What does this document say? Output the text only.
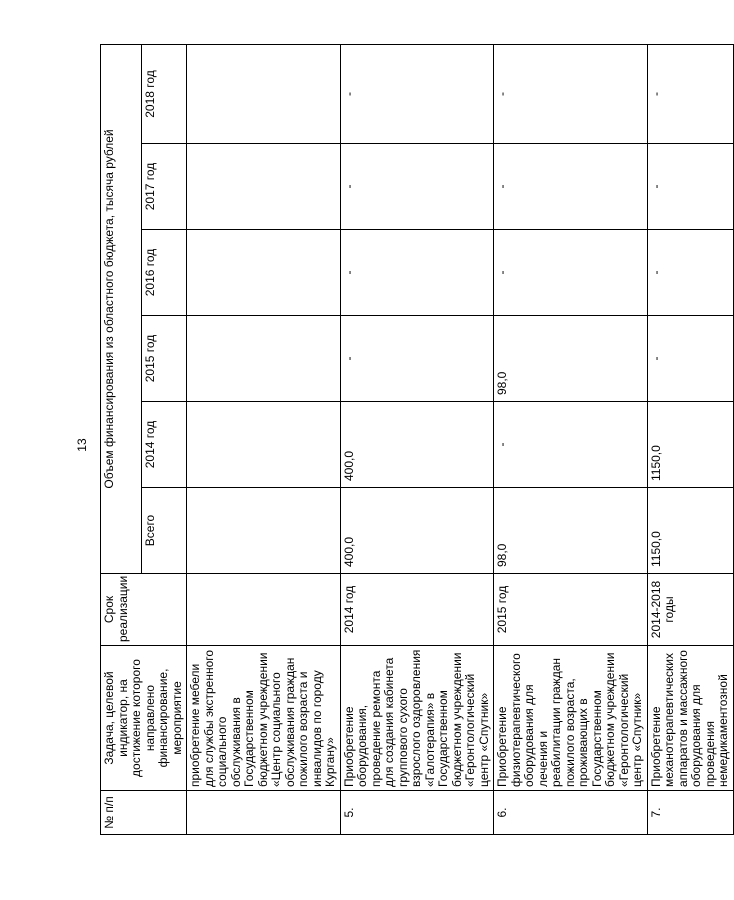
13
№ п/п	Задача, целевой индикатор, на достижение которого направлено финансирование, мероприятие	Срок реализации	Объем финансирования из областного бюджета, тысяча рублей					
			Всего	2014 год	2015 год	2016 год	2017 год	2018 год
	приобретение мебели для службы экстренного социального обслуживания в Государственном бюджетном учреждении «Центр социального обслуживания граждан пожилого возраста и инвалидов по городу Кургану»							
5.	Приобретение оборудования, проведение ремонта для создания кабинета группового сухого взрослого оздоровления «Галотерапия» в Государственном бюджетном учреждении «Геронтологический центр «Спутник»	2014 год	400,0	400,0	-	-	-	-
6.	Приобретение физиотерапевтического оборудования для лечения и реабилитации граждан пожилого возраста, проживающих в Государственном бюджетном учреждении «Геронтологический центр «Спутник»	2015 год	98,0	-	98,0	-	-	-
7.	Приобретение механотерапевтических аппаратов и массажного оборудования для проведения немедикаментозной	2014-2018 годы	1150,0	1150,0	-	-	-	-
